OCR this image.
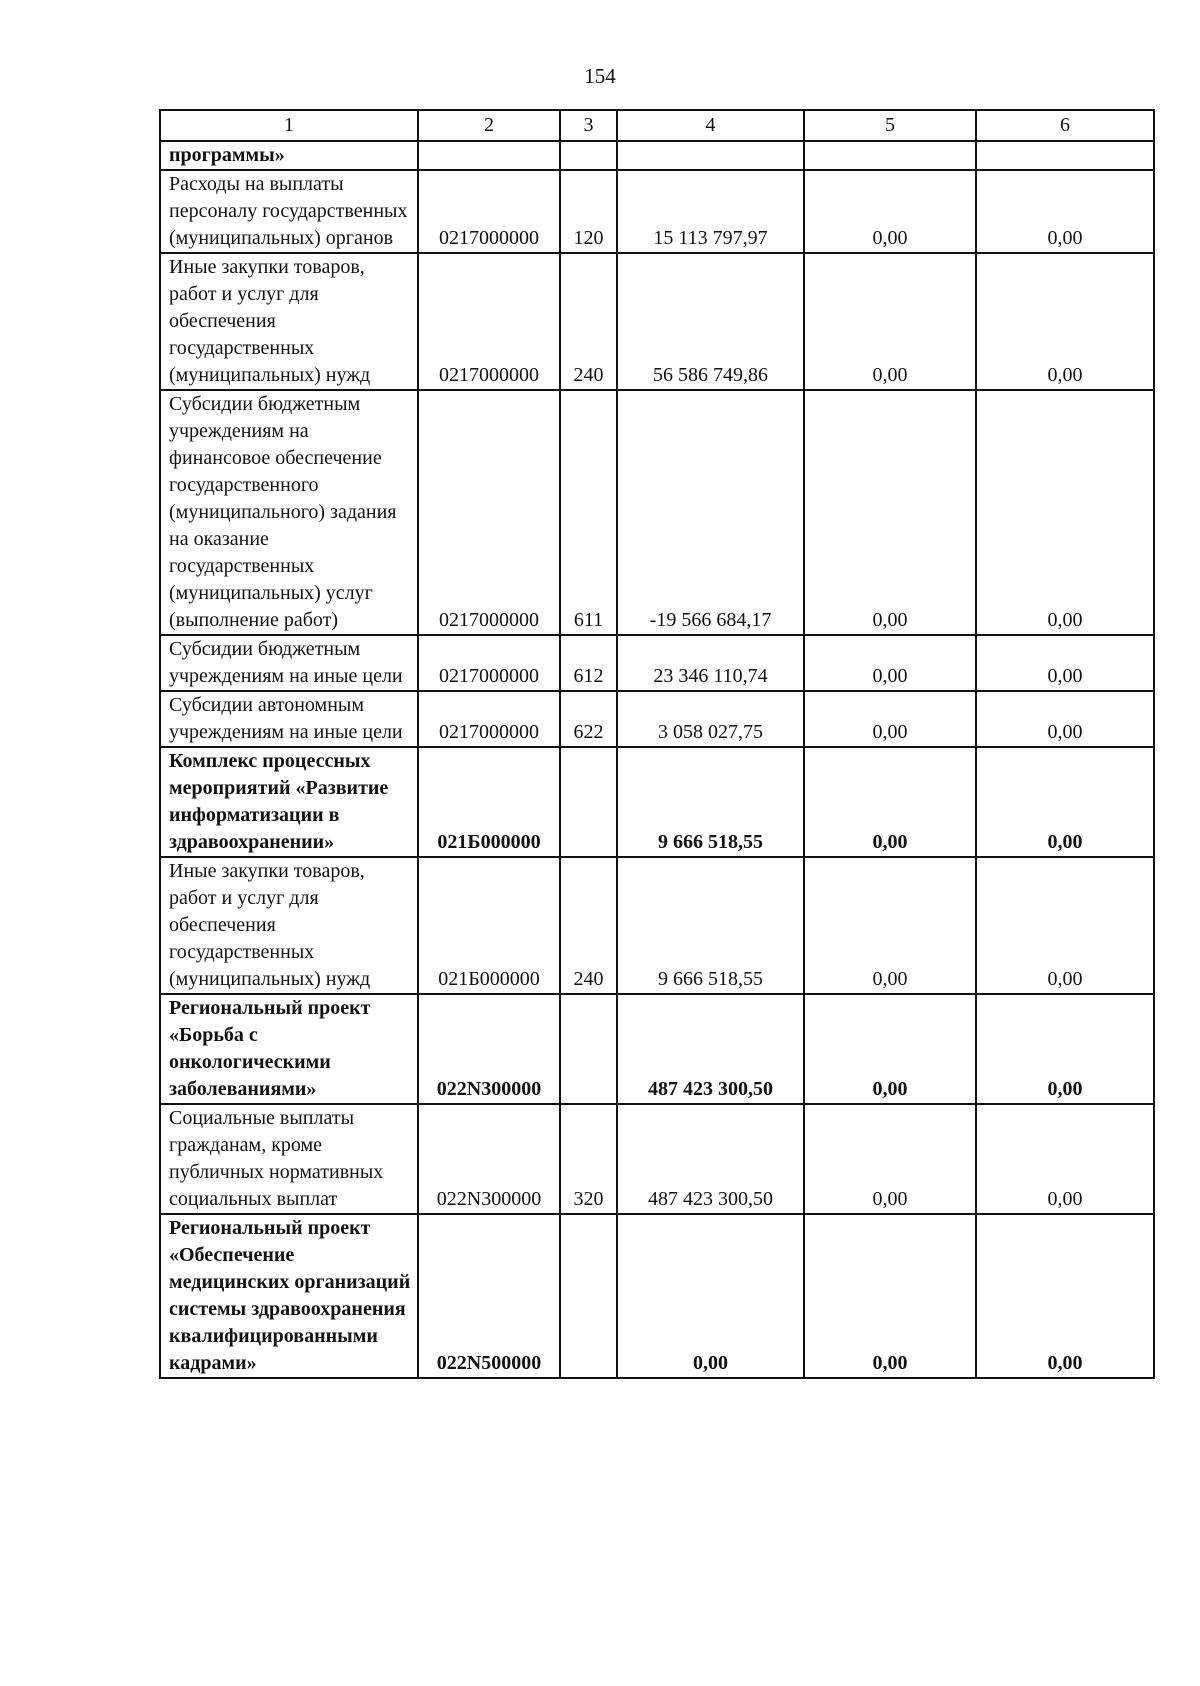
154
1	2	3	4	5	6
программы»					
Расходы на выплаты персоналу государственных (муниципальных) органов	0217000000	120	15 113 797,97	0,00	0,00
Иные закупки товаров, работ и услуг для обеспечения государственных (муниципальных) нужд	0217000000	240	56 586 749,86	0,00	0,00
Субсидии бюджетным учреждениям на финансовое обеспечение государственного (муниципального) задания на оказание государственных (муниципальных) услуг (выполнение работ)	0217000000	611	-19 566 684,17	0,00	0,00
Субсидии бюджетным учреждениям на иные цели	0217000000	612	23 346 110,74	0,00	0,00
Субсидии автономным учреждениям на иные цели	0217000000	622	3 058 027,75	0,00	0,00
Комплекс процессных мероприятий «Развитие информатизации в здравоохранении»	021Б000000		9 666 518,55	0,00	0,00
Иные закупки товаров, работ и услуг для обеспечения государственных (муниципальных) нужд	021Б000000	240	9 666 518,55	0,00	0,00
Региональный проект «Борьба с онкологическими заболеваниями»	022N300000		487 423 300,50	0,00	0,00
Социальные выплаты гражданам, кроме публичных нормативных социальных выплат	022N300000	320	487 423 300,50	0,00	0,00
Региональный проект «Обеспечение медицинских организаций системы здравоохранения квалифицированными кадрами»	022N500000		0,00	0,00	0,00
